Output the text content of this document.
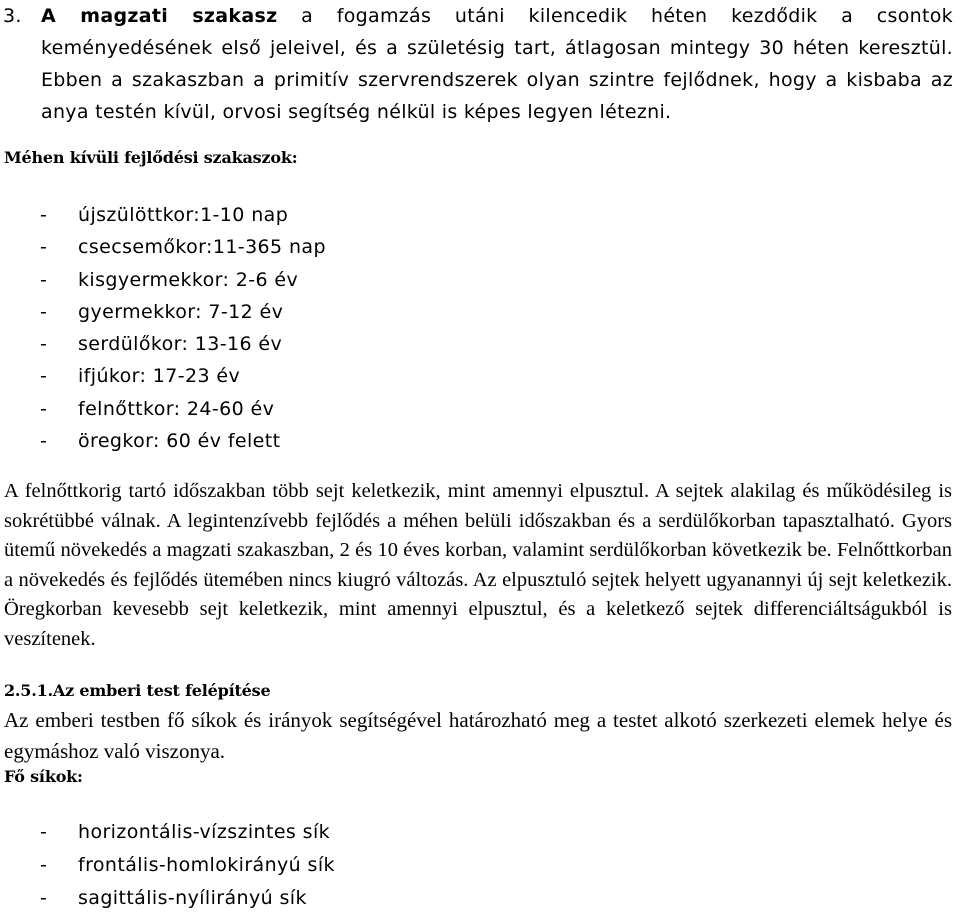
3. A magzati szakasz a fogamzás utáni kilencedik héten kezdődik a csontok keményedésének első jeleivel, és a születésig tart, átlagosan mintegy 30 héten keresztül. Ebben a szakaszban a primitív szervrendszerek olyan szintre fejlődnek, hogy a kisbaba az anya testén kívül, orvosi segítség nélkül is képes legyen létezni.
Méhen kívüli fejlődési szakaszok:
- újszülöttkor:1-10 nap
- csecsemőkor:11-365 nap
- kisgyermekkor: 2-6 év
- gyermekkor: 7-12 év
- serdülőkor: 13-16 év
- ifjúkor: 17-23 év
- felnőttkor: 24-60 év
- öregkor: 60 év felett
A felnőttkorig tartó időszakban több sejt keletkezik, mint amennyi elpusztul. A sejtek alakilag és működésileg is sokrétübbé válnak. A legintenzívebb fejlődés a méhen belüli időszakban és a serdülőkorban tapasztalható. Gyors ütemű növekedés a magzati szakaszban, 2 és 10 éves korban, valamint serdülőkorban következik be. Felnőttkorban a növekedés és fejlődés ütemében nincs kiugró változás. Az elpusztuló sejtek helyett ugyanannyi új sejt keletkezik. Öregkorban kevesebb sejt keletkezik, mint amennyi elpusztul, és a keletkező sejtek differenciáltságukból is veszítenek.
2.5.1.Az emberi test felépítése
Az emberi testben fő síkok és irányok segítségével határozható meg a testet alkotó szerkezeti elemek helye és egymáshoz való viszonya.
Fő síkok:
- horizontális-vízszintes sík
- frontális-homlokirányú sík
- sagittális-nyílirányú sík
